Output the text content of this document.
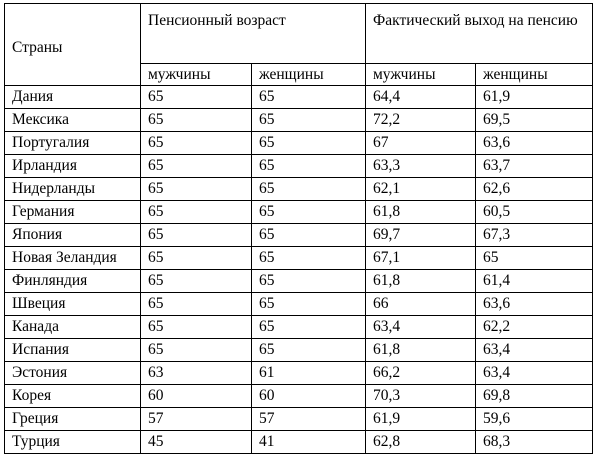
Страны	Пенсионный возраст		Фактический выход на пенсию	
	мужчины	женщины	мужчины	женщины
Дания	65	65	64,4	61,9
Мексика	65	65	72,2	69,5
Португалия	65	65	67	63,6
Ирландия	65	65	63,3	63,7
Нидерланды	65	65	62,1	62,6
Германия	65	65	61,8	60,5
Япония	65	65	69,7	67,3
Новая Зеландия	65	65	67,1	65
Финляндия	65	65	61,8	61,4
Швеция	65	65	66	63,6
Канада	65	65	63,4	62,2
Испания	65	65	61,8	63,4
Эстония	63	61	66,2	63,4
Корея	60	60	70,3	69,8
Греция	57	57	61,9	59,6
Турция	45	41	62,8	68,3
